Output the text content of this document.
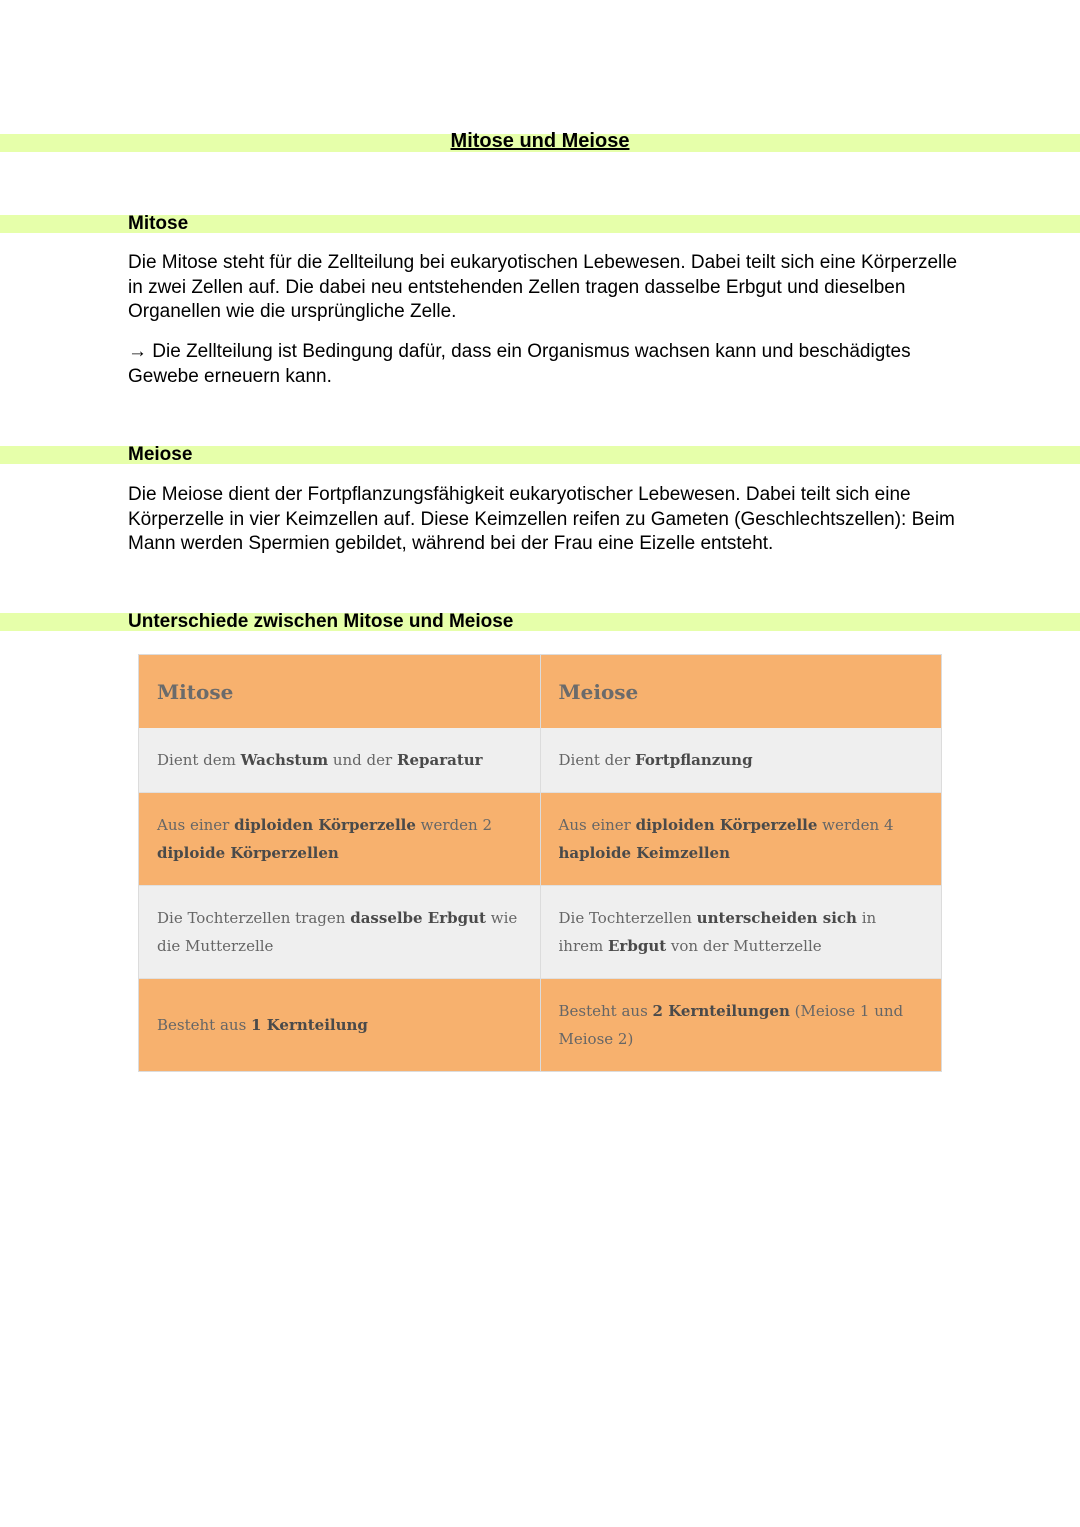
Mitose und Meiose
Mitose

Die Mitose steht für die Zellteilung bei eukaryotischen Lebewesen. Dabei teilt sich eine Körperzelle in zwei Zellen auf. Die dabei neu entstehenden Zellen tragen dasselbe Erbgut und dieselben Organellen wie die ursprüngliche Zelle.

→ Die Zellteilung ist Bedingung dafür, dass ein Organismus wachsen kann und beschädigtes Gewebe erneuern kann.

Meiose

Die Meiose dient der Fortpflanzungsfähigkeit eukaryotischer Lebewesen. Dabei teilt sich eine Körperzelle in vier Keimzellen auf. Diese Keimzellen reifen zu Gameten (Geschlechtszellen): Beim Mann werden Spermien gebildet, während bei der Frau eine Eizelle entsteht.

Unterschiede zwischen Mitose und Meiose
Mitose	Meiose
Dient dem Wachstum und der Reparatur	Dient der Fortpflanzung
Aus einer diploiden Körperzelle werden 2 diploide Körperzellen	Aus einer diploiden Körperzelle werden 4 haploide Keimzellen
Die Tochterzellen tragen dasselbe Erbgut wie die Mutterzelle	Die Tochterzellen unterscheiden sich in ihrem Erbgut von der Mutterzelle
Besteht aus 1 Kernteilung	Besteht aus 2 Kernteilungen (Meiose 1 und Meiose 2)
